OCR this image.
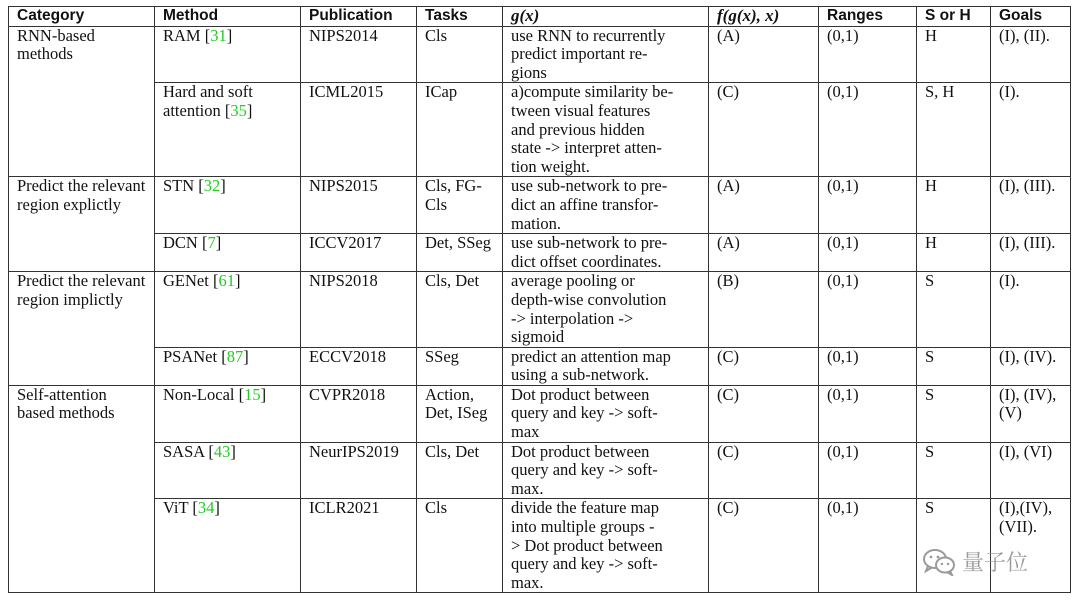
Category	Method	Publication	Tasks	g(x)	f(g(x), x)	Ranges	S or H	Goals
RNN-based methods	RAM [31]	NIPS2014	Cls	use RNN to recurrently
predict important re-
gions	(A)	(0,1)	H	(I), (II).
	Hard and soft attention [35]	ICML2015	ICap	a)compute similarity be-
tween visual features
and previous hidden
state -> interpret atten-
tion weight.	(C)	(0,1)	S, H	(I).
Predict the relevant region explictly	STN [32]	NIPS2015	Cls, FG-Cls	use sub-network to pre-
dict an affine transfor-
mation.	(A)	(0,1)	H	(I), (III).
	DCN [7]	ICCV2017	Det, SSeg	use sub-network to pre-
dict offset coordinates.	(A)	(0,1)	H	(I), (III).
Predict the relevant region implictly	GENet [61]	NIPS2018	Cls, Det	average pooling or
depth-wise convolution
-> interpolation ->
sigmoid	(B)	(0,1)	S	(I).
	PSANet [87]	ECCV2018	SSeg	predict an attention map
using a sub-network.	(C)	(0,1)	S	(I), (IV).
Self-attention based methods	Non-Local [15]	CVPR2018	Action, Det, ISeg	Dot product between
query and key -> soft-
max	(C)	(0,1)	S	(I), (IV), (V)
	SASA [43]	NeurIPS2019	Cls, Det	Dot product between
query and key -> soft-
max.	(C)	(0,1)	S	(I), (VI)
	ViT [34]	ICLR2021	Cls	divide the feature map
into multiple groups -
> Dot product between
query and key -> soft-
max.	(C)	(0,1)	S	(I),(IV), (VII).
量子位
